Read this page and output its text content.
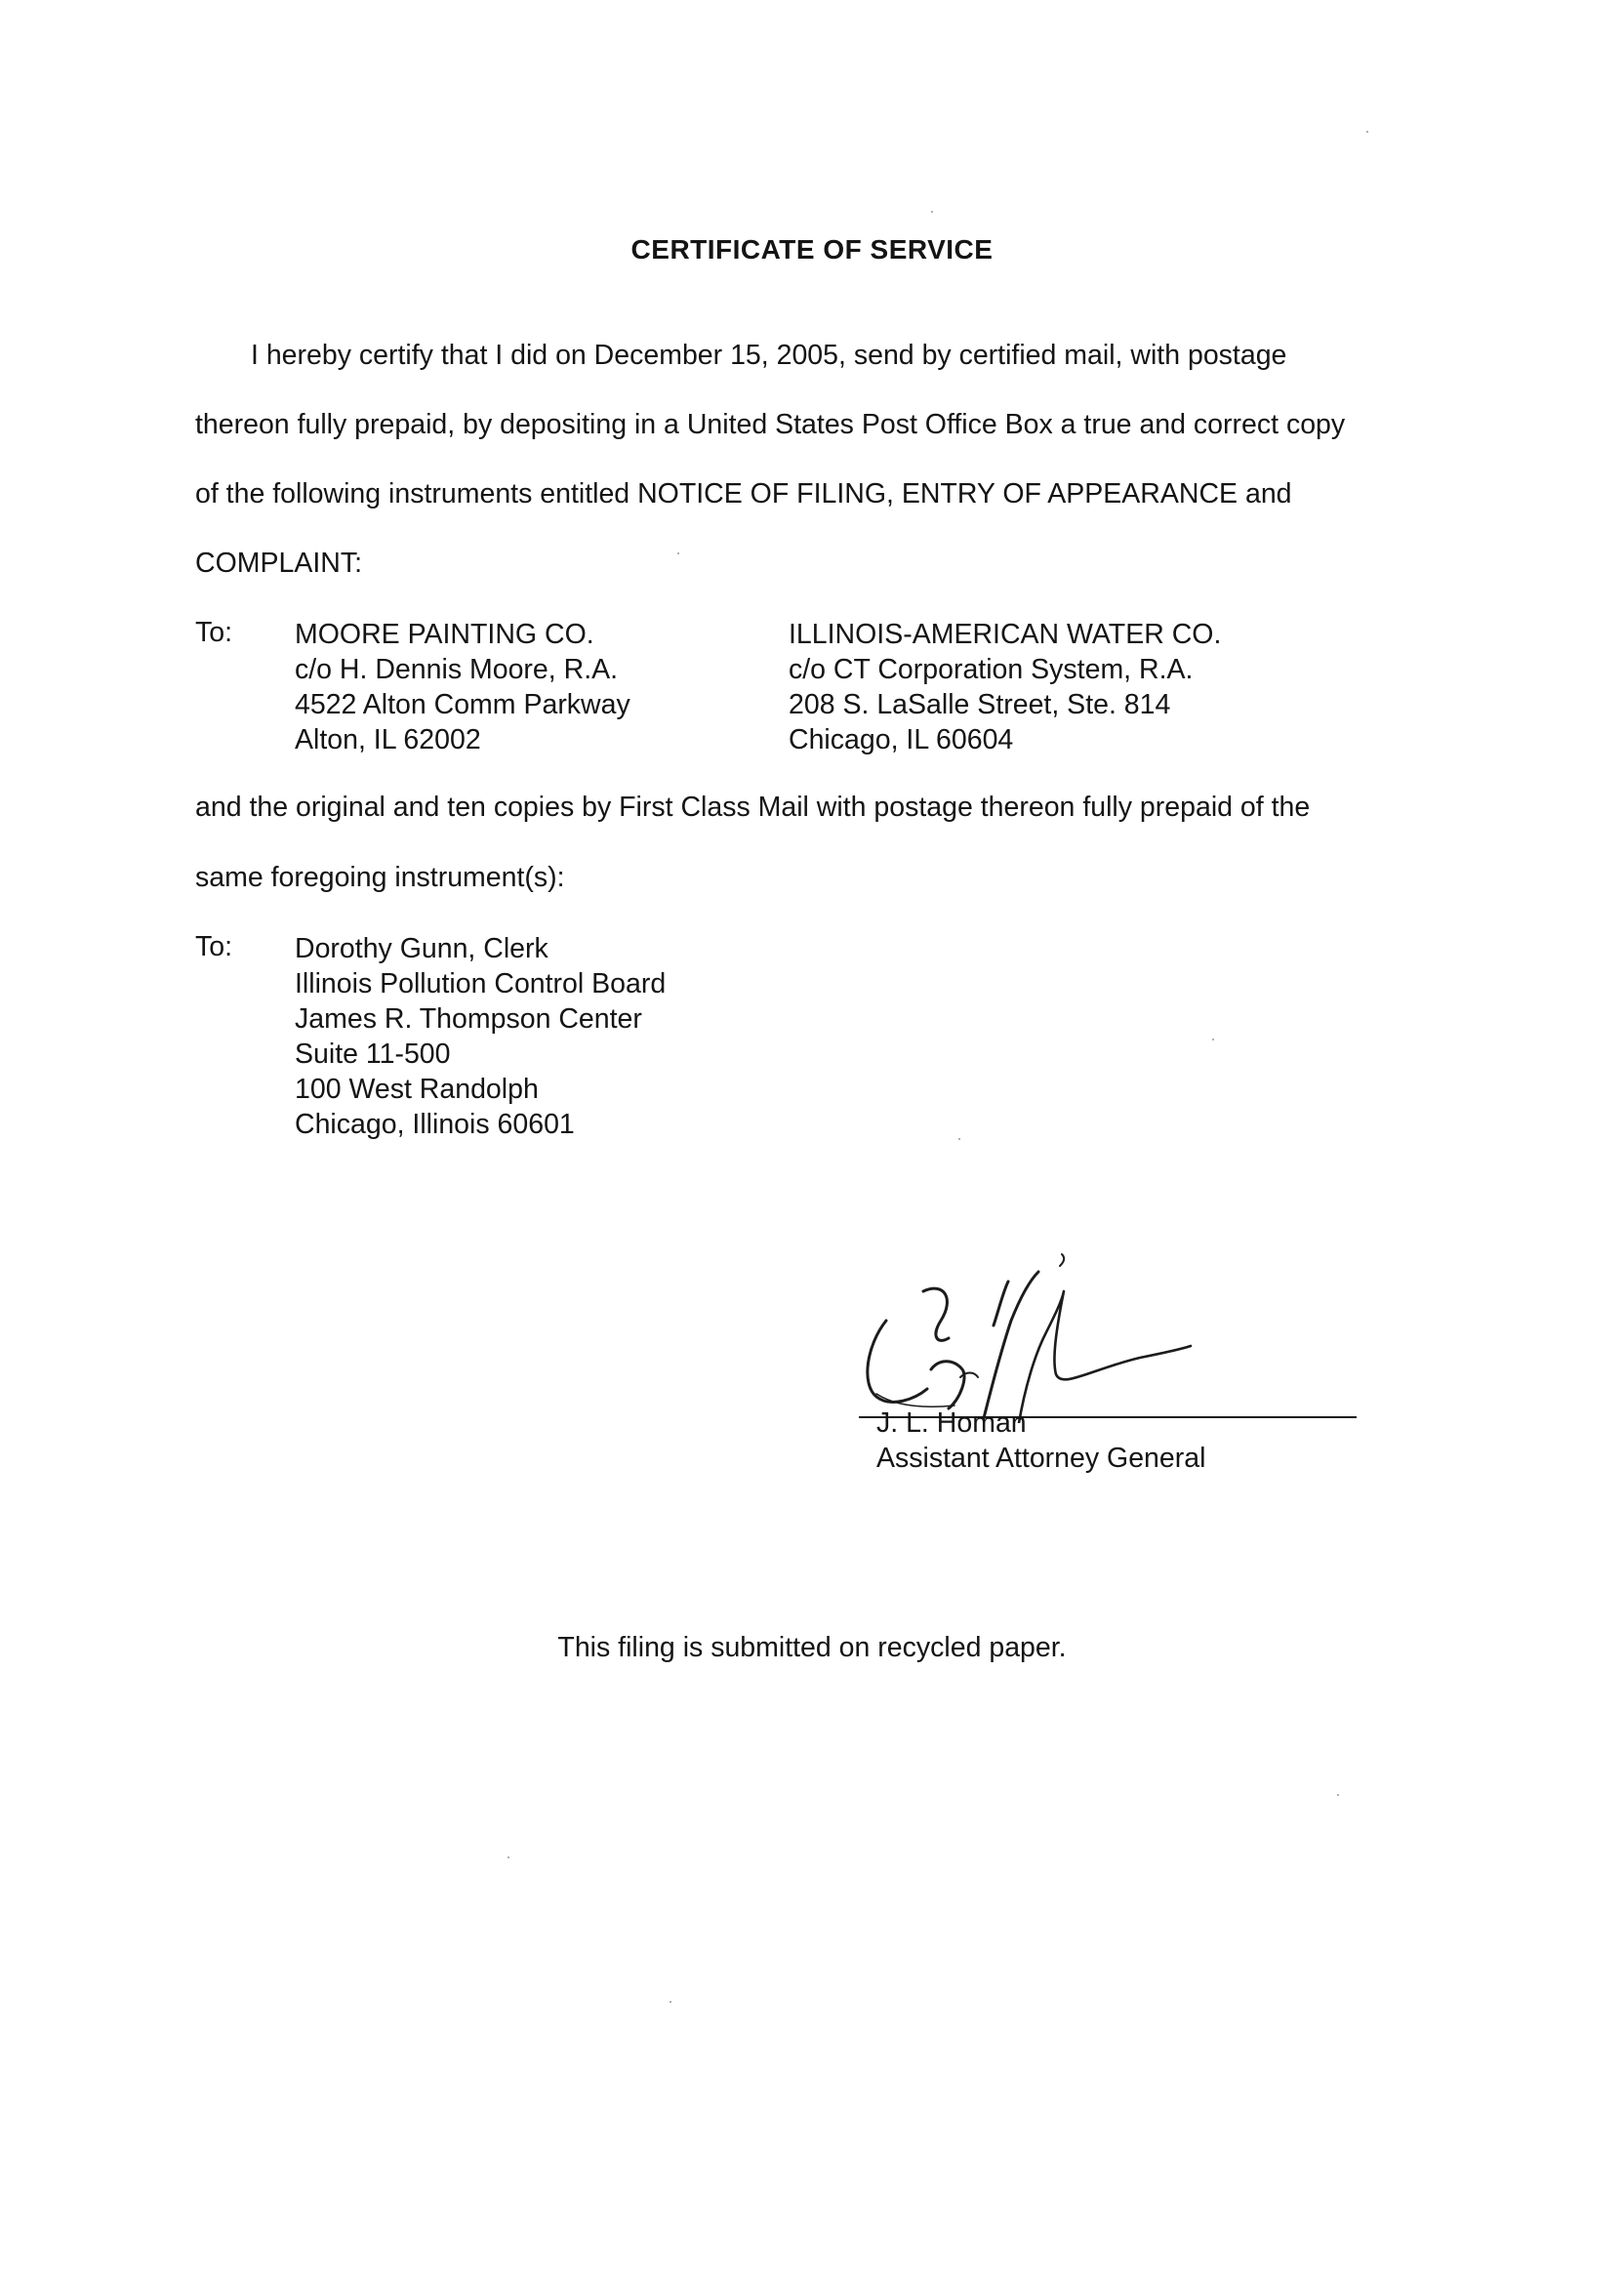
CERTIFICATE OF SERVICE
I hereby certify that I did on December 15, 2005, send by certified mail, with postage
thereon fully prepaid, by depositing in a United States Post Office Box a true and correct copy
of the following instruments entitled NOTICE OF FILING, ENTRY OF APPEARANCE and
COMPLAINT:
To: MOORE PAINTING CO.
c/o H. Dennis Moore, R.A.
4522 Alton Comm Parkway
Alton, IL 62002
ILLINOIS-AMERICAN WATER CO.
c/o CT Corporation System, R.A.
208 S. LaSalle Street, Ste. 814
Chicago, IL 60604
and the original and ten copies by First Class Mail with postage thereon fully prepaid of the
same foregoing instrument(s):
To: Dorothy Gunn, Clerk
Illinois Pollution Control Board
James R. Thompson Center
Suite 11-500
100 West Randolph
Chicago, Illinois 60601
J. L. Homan
Assistant Attorney General
This filing is submitted on recycled paper.
